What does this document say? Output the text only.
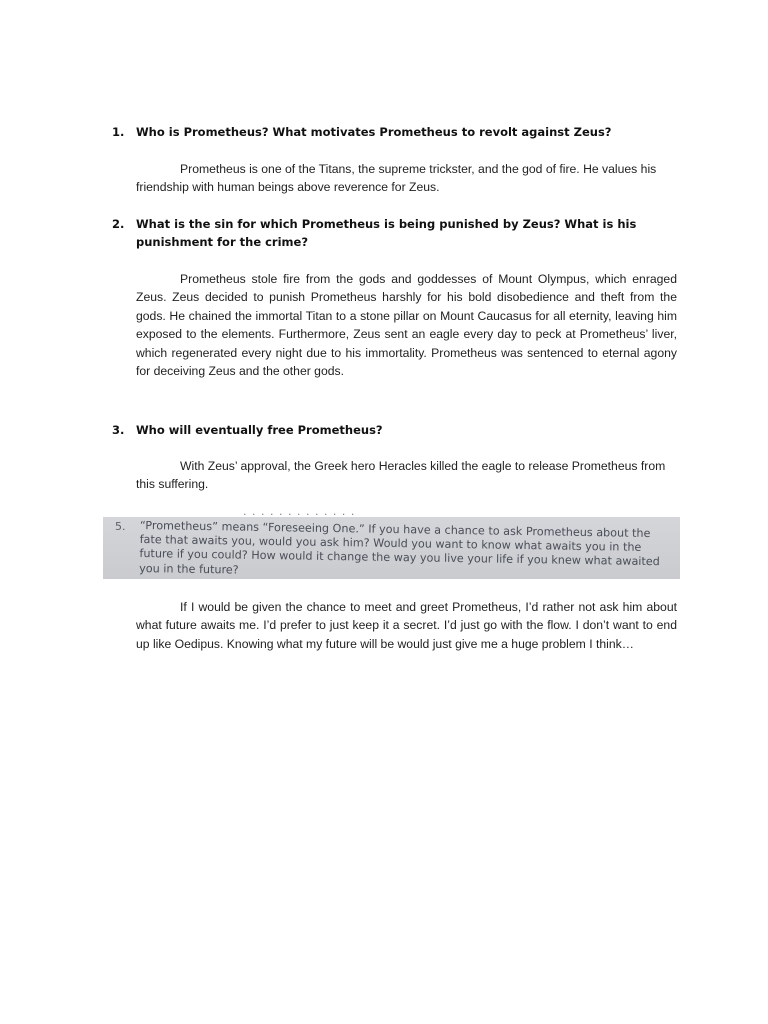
1.	Who is Prometheus? What motivates Prometheus to revolt against Zeus?

Prometheus is one of the Titans, the supreme trickster, and the god of fire. He values his friendship with human beings above reverence for Zeus.

2.	What is the sin for which Prometheus is being punished by Zeus? What is his punishment for the crime?

Prometheus stole fire from the gods and goddesses of Mount Olympus, which enraged Zeus. Zeus decided to punish Prometheus harshly for his bold disobedience and theft from the gods. He chained the immortal Titan to a stone pillar on Mount Caucasus for all eternity, leaving him exposed to the elements. Furthermore, Zeus sent an eagle every day to peck at Prometheus’ liver, which regenerated every night due to his immortality. Prometheus was sentenced to eternal agony for deceiving Zeus and the other gods.

3.	Who will eventually free Prometheus?

With Zeus’ approval, the Greek hero Heracles killed the eagle to release Prometheus from this suffering.

· · · · · · · · · · · · ·
5. “Prometheus” means “Foreseeing One.” If you have a chance to ask Prometheus about the fate that awaits you, would you ask him? Would you want to know what awaits you in the future if you could? How would it change the way you live your life if you knew what awaited you in the future?

If I would be given the chance to meet and greet Prometheus, I’d rather not ask him about what future awaits me. I’d prefer to just keep it a secret. I’d just go with the flow. I don’t want to end up like Oedipus. Knowing what my future will be would just give me a huge problem I think…
